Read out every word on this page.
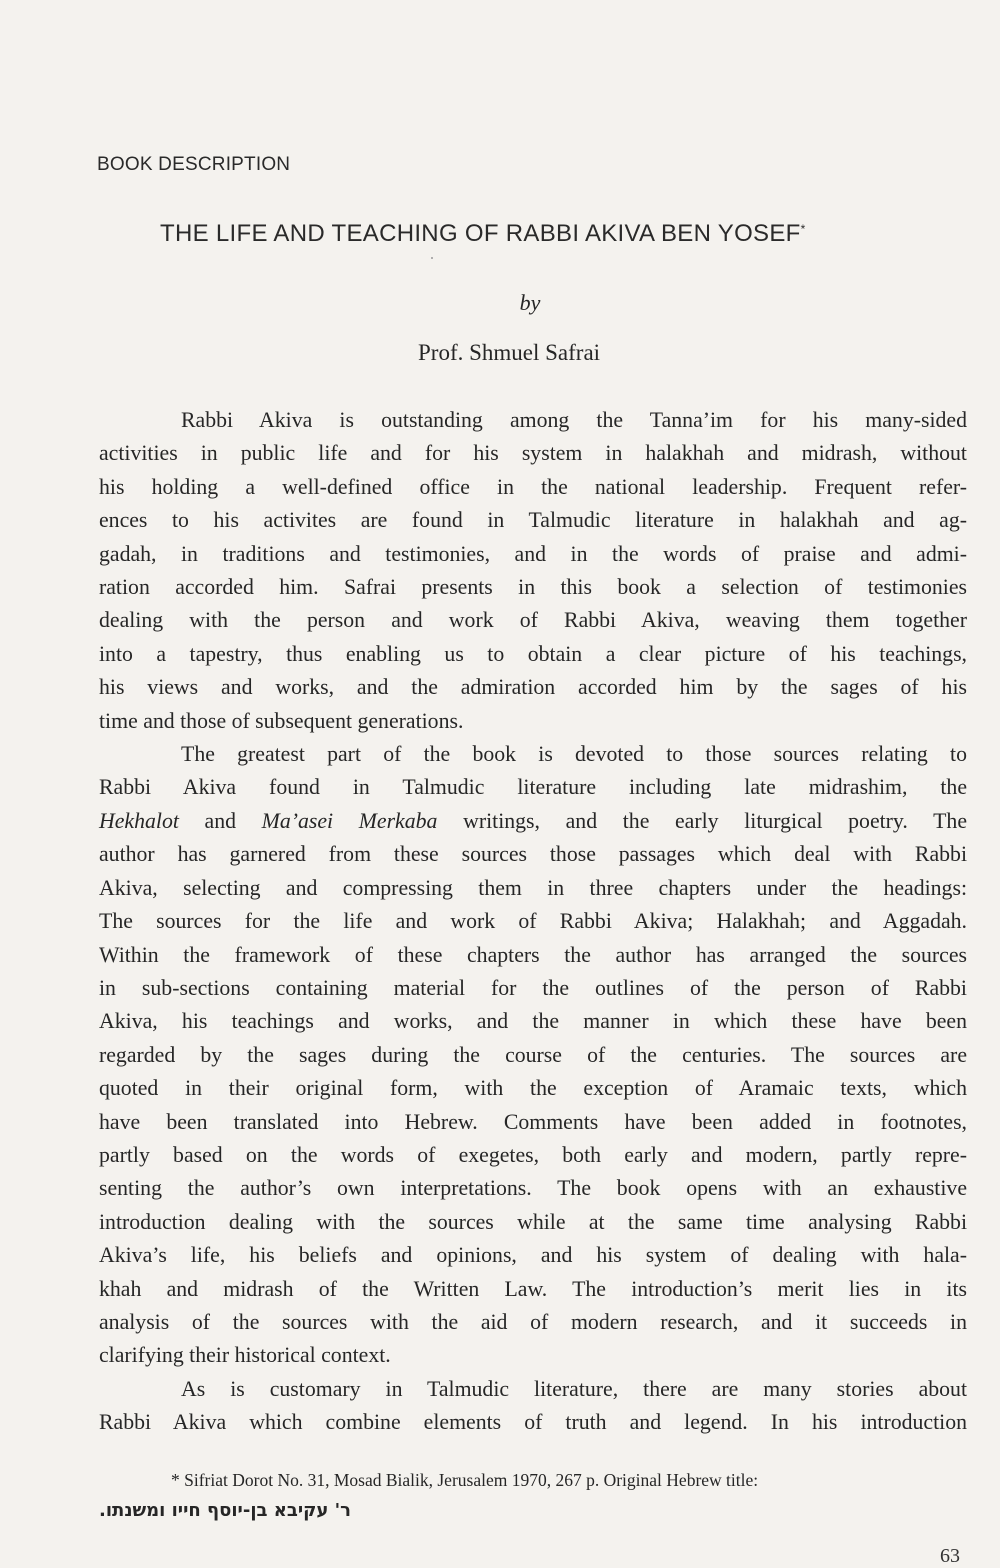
BOOK DESCRIPTION
THE LIFE AND TEACHING OF RABBI AKIVA BEN YOSEF*
by
Prof. Shmuel Safrai
Rabbi Akiva is outstanding among the Tanna’im for his many-sided
activities in public life and for his system in halakhah and midrash, without
his holding a well-defined office in the national leadership. Frequent refer-
ences to his activites are found in Talmudic literature in halakhah and ag-
gadah, in traditions and testimonies, and in the words of praise and admi-
ration accorded him. Safrai presents in this book a selection of testimonies
dealing with the person and work of Rabbi Akiva, weaving them together
into a tapestry, thus enabling us to obtain a clear picture of his teachings,
his views and works, and the admiration accorded him by the sages of his
time and those of subsequent generations.
The greatest part of the book is devoted to those sources relating to
Rabbi Akiva found in Talmudic literature including late midrashim, the
Hekhalot and Ma’asei Merkaba writings, and the early liturgical poetry. The
author has garnered from these sources those passages which deal with Rabbi
Akiva, selecting and compressing them in three chapters under the headings:
The sources for the life and work of Rabbi Akiva; Halakhah; and Aggadah.
Within the framework of these chapters the author has arranged the sources
in sub-sections containing material for the outlines of the person of Rabbi
Akiva, his teachings and works, and the manner in which these have been
regarded by the sages during the course of the centuries. The sources are
quoted in their original form, with the exception of Aramaic texts, which
have been translated into Hebrew. Comments have been added in footnotes,
partly based on the words of exegetes, both early and modern, partly repre-
senting the author’s own interpretations. The book opens with an exhaustive
introduction dealing with the sources while at the same time analysing Rabbi
Akiva’s life, his beliefs and opinions, and his system of dealing with hala-
khah and midrash of the Written Law. The introduction’s merit lies in its
analysis of the sources with the aid of modern research, and it succeeds in
clarifying their historical context.
As is customary in Talmudic literature, there are many stories about
Rabbi Akiva which combine elements of truth and legend. In his introduction
* Sifriat Dorot No. 31, Mosad Bialik, Jerusalem 1970, 267 p. Original Hebrew title:
ר' עקיבא בן-יוסף חייו ומשנתו.
63
